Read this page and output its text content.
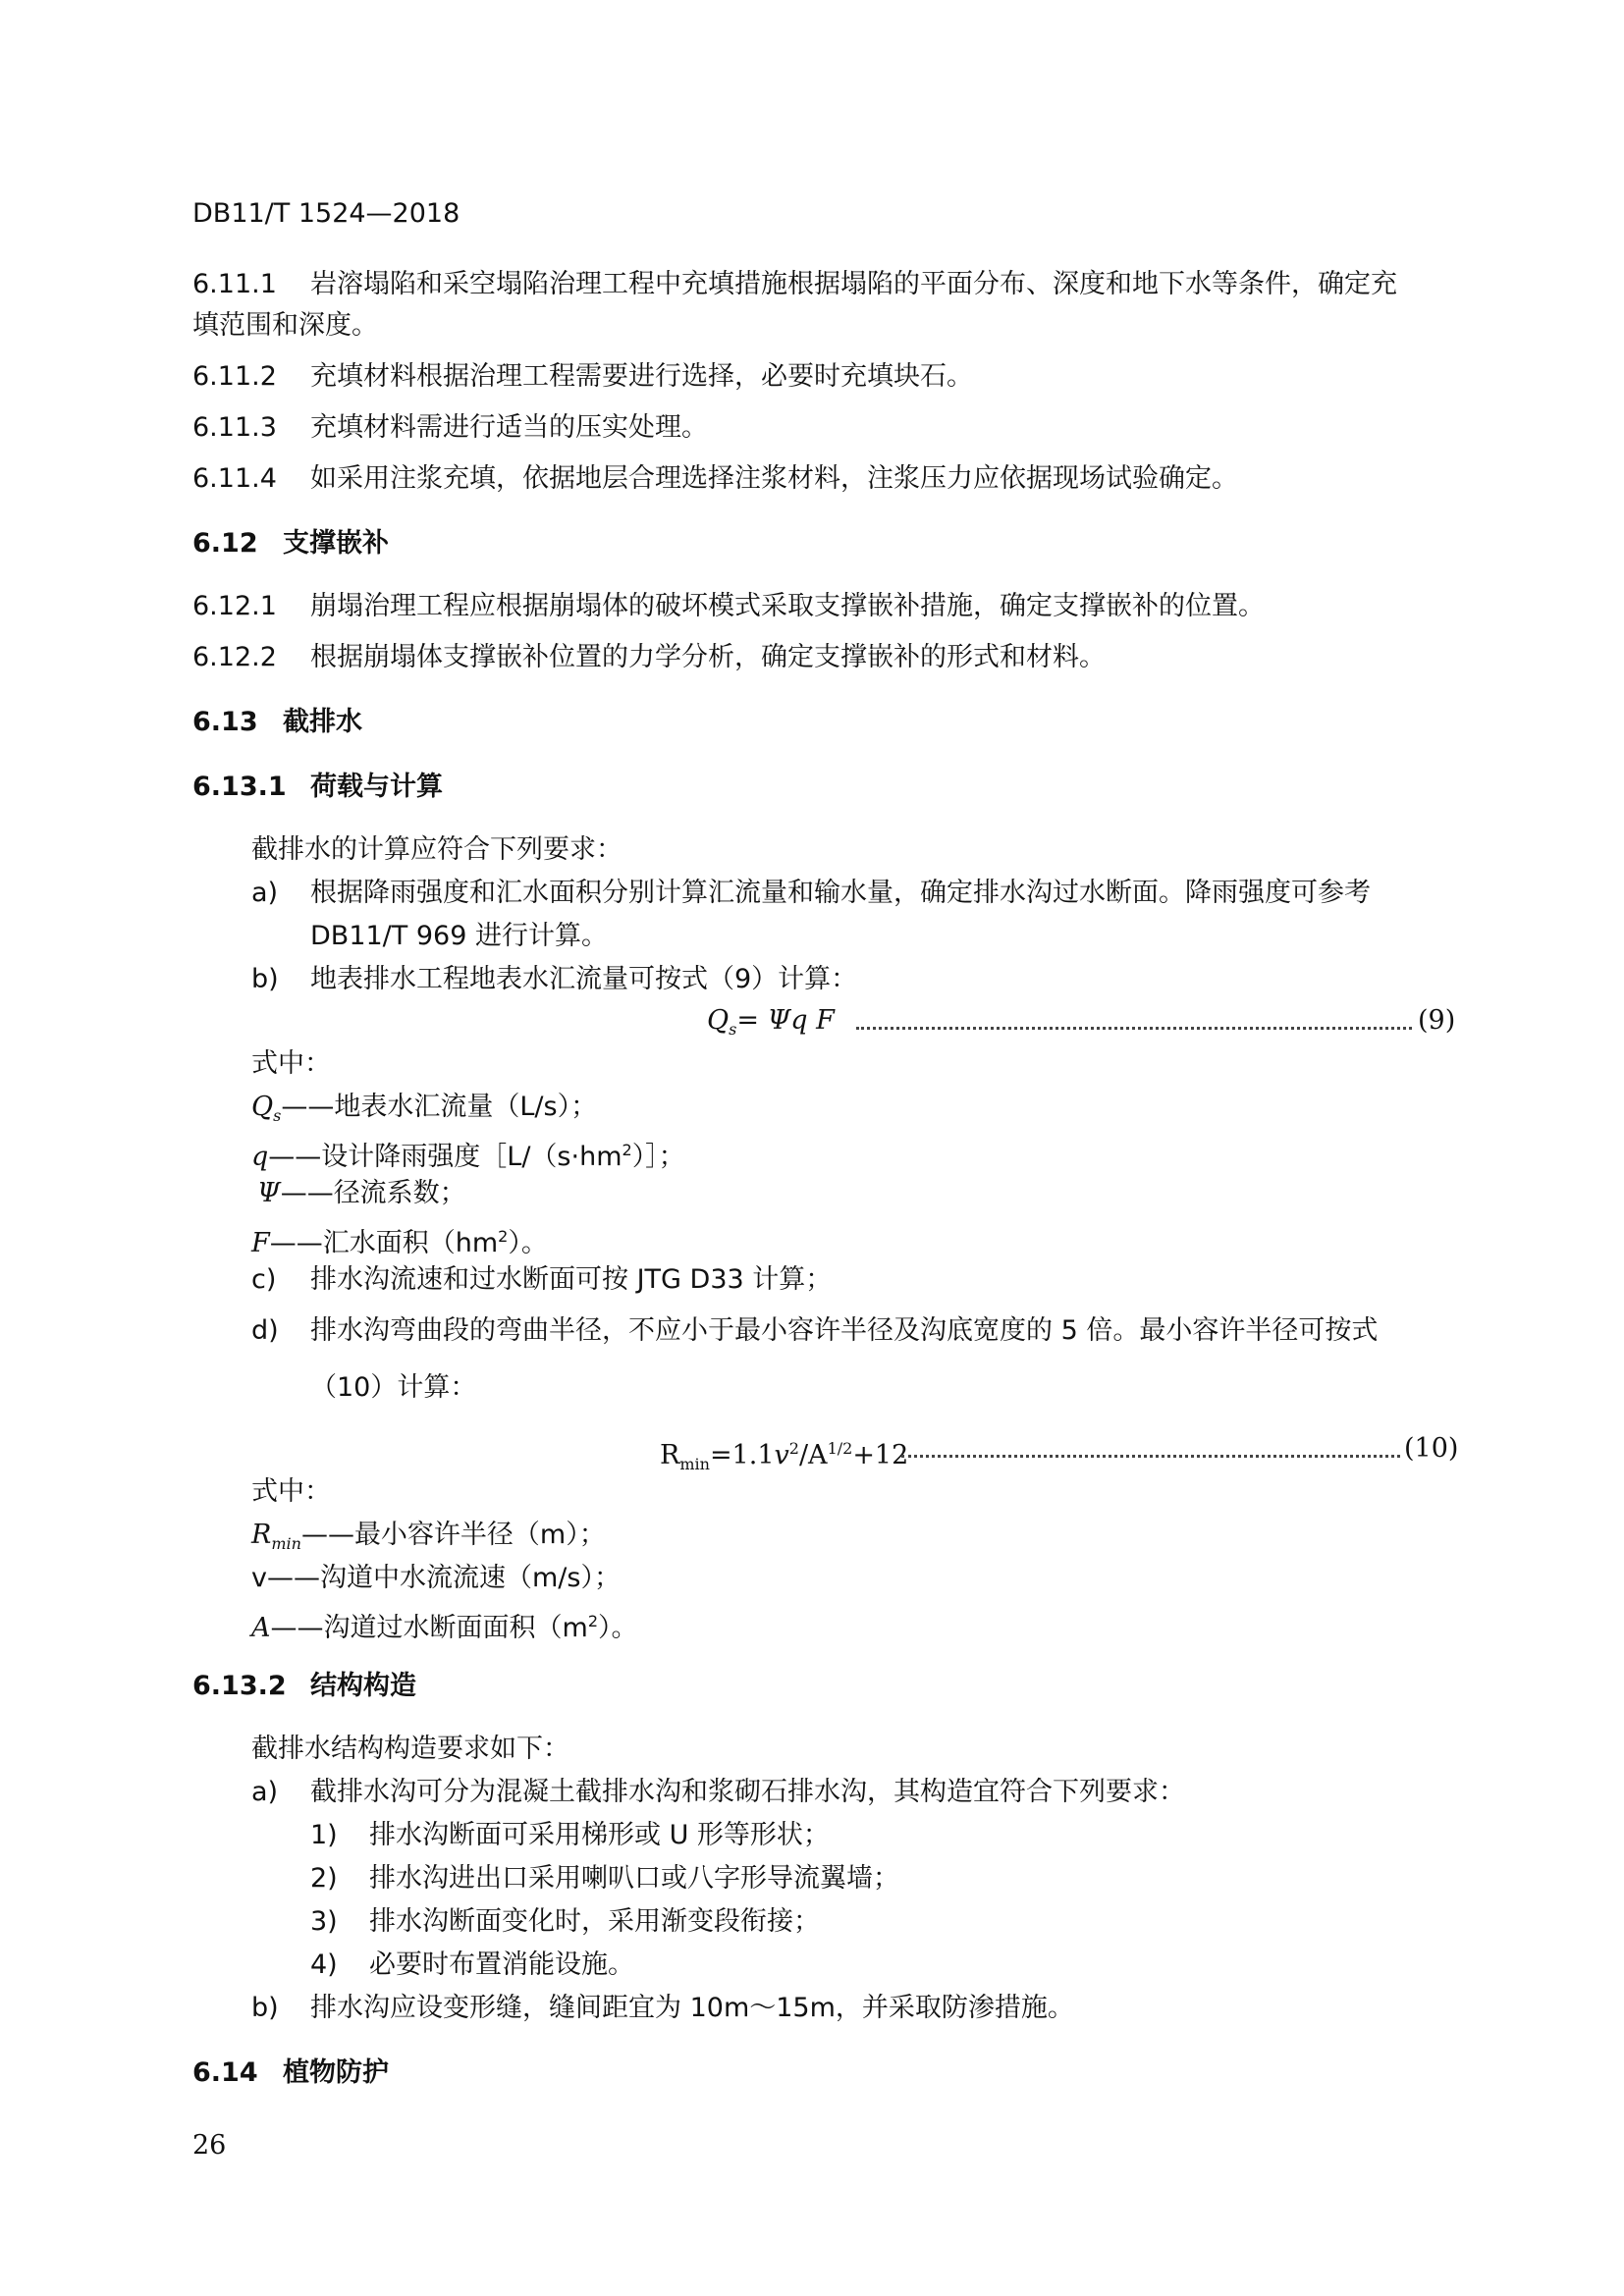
DB11/T 1524—2018
6.11.1 岩溶塌陷和采空塌陷治理工程中充填措施根据塌陷的平面分布、深度和地下水等条件，确定充
填范围和深度。
6.11.2 充填材料根据治理工程需要进行选择，必要时充填块石。
6.11.3 充填材料需进行适当的压实处理。
6.11.4 如采用注浆充填，依据地层合理选择注浆材料，注浆压力应依据现场试验确定。
6.12 支撑嵌补
6.12.1 崩塌治理工程应根据崩塌体的破坏模式采取支撑嵌补措施，确定支撑嵌补的位置。
6.12.2 根据崩塌体支撑嵌补位置的力学分析，确定支撑嵌补的形式和材料。
6.13 截排水
6.13.1 荷载与计算
截排水的计算应符合下列要求：
a) 根据降雨强度和汇水面积分别计算汇流量和输水量，确定排水沟过水断面。降雨强度可参考
DB11/T 969 进行计算。
b) 地表排水工程地表水汇流量可按式（9）计算：
$Q_s= \Psi q$ F	(9)
式中：
$Q_s——$地表水汇流量（L/s）；
q——设计降雨强度$[L/(s\cdot hm^2)]$；
Ψ——径流系数；
F——汇水面积$(hm^2)$。
c) 排水沟流速和过水断面可按 JTG D33 计算；
d) 排水沟弯曲段的弯曲半径，不应小于最小容许半径及沟底宽度的 5 倍。最小容许半径可按式
（10）计算：
$R_{min}=1.1v^2/A^{1/2}+12$	(10)
式中：
$R_{min}——$最小容许半径（m）；
v——沟道中水流流速（m/s）；
A——沟道过水断面面积$(m^2)$。
6.13.2 结构构造
截排水结构构造要求如下：
a) 截排水沟可分为混凝土截排水沟和浆砌石排水沟，其构造宜符合下列要求：
1) 排水沟断面可采用梯形或 U 形等形状；
2) 排水沟进出口采用喇叭口或八字形导流翼墙；
3) 排水沟断面变化时，采用渐变段衔接；
4) 必要时布置消能设施。
b) 排水沟应设变形缝，缝间距宜为 10m～15m，并采取防渗措施。
6.14 植物防护
26
